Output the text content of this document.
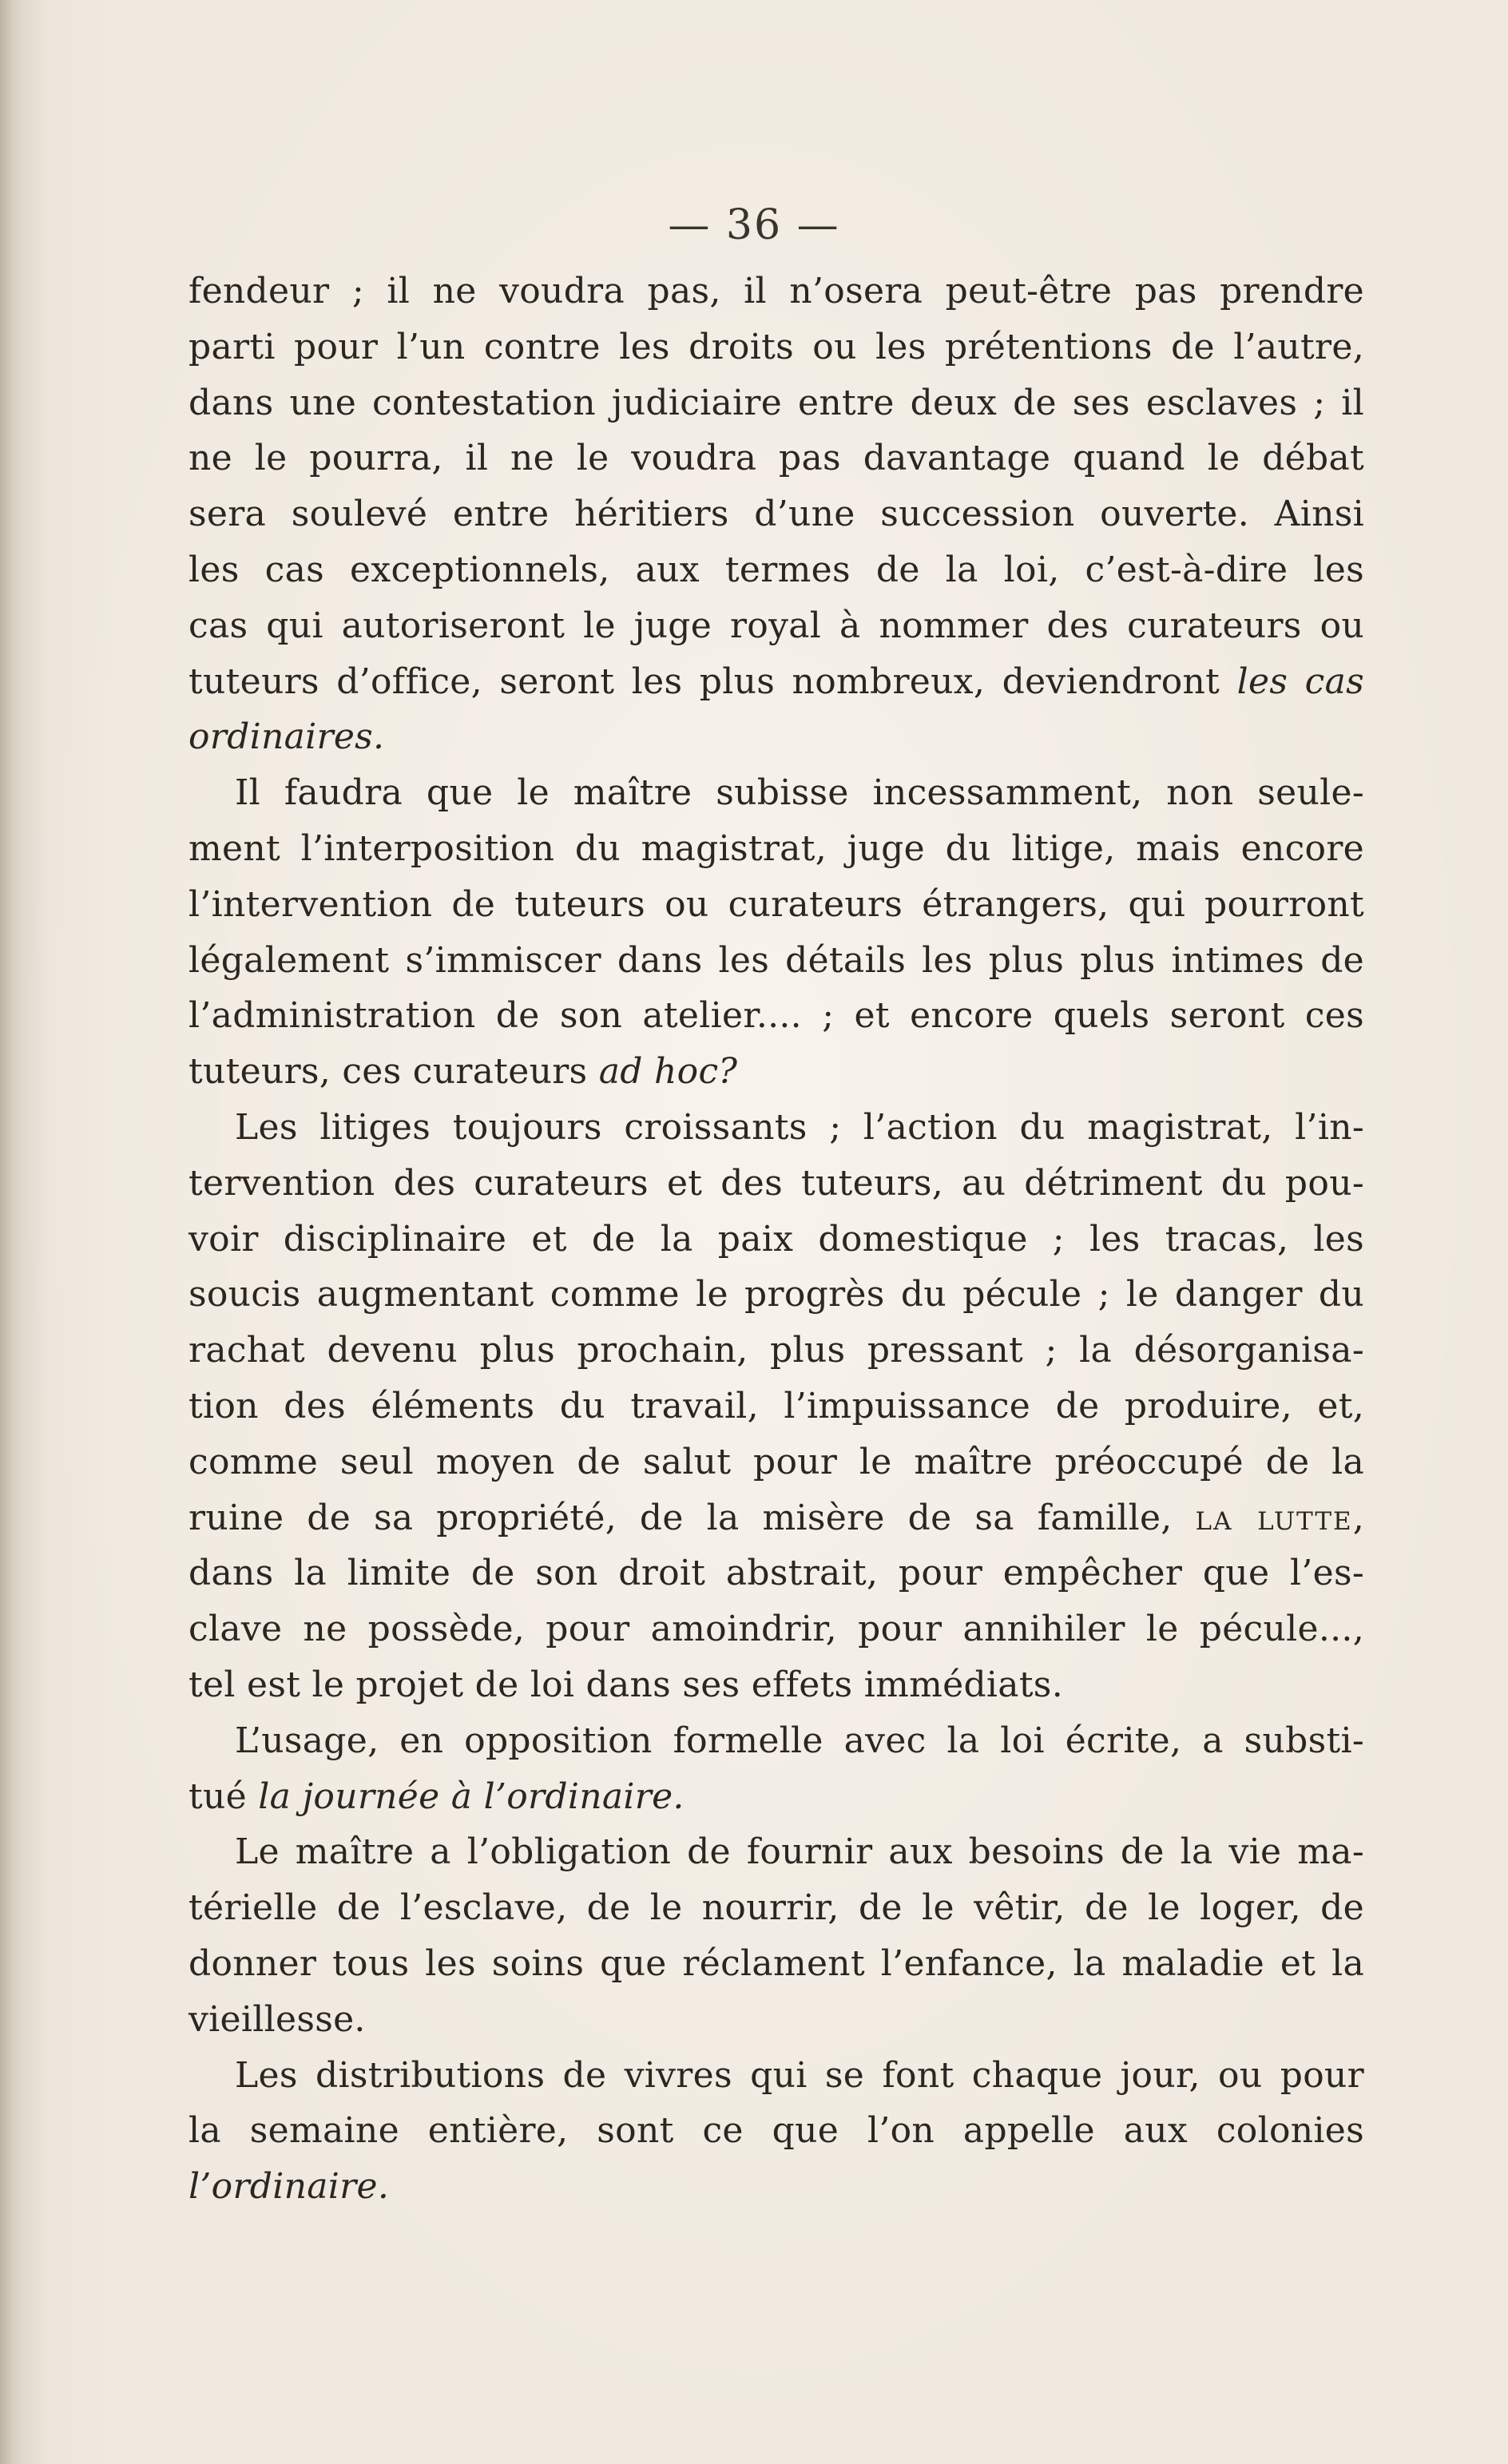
— 36 —
fendeur ; il ne voudra pas, il n’osera peut-être pas prendre
parti pour l’un contre les droits ou les prétentions de l’autre,
dans une contestation judiciaire entre deux de ses esclaves ; il
ne le pourra, il ne le voudra pas davantage quand le débat
sera soulevé entre héritiers d’une succession ouverte. Ainsi
les cas exceptionnels, aux termes de la loi, c’est-à-dire les
cas qui autoriseront le juge royal à nommer des curateurs ou
tuteurs d’office, seront les plus nombreux, deviendront les cas
ordinaires.
Il faudra que le maître subisse incessamment, non seule-
ment l’interposition du magistrat, juge du litige, mais encore
l’intervention de tuteurs ou curateurs étrangers, qui pourront
légalement s’immiscer dans les détails les plus plus intimes de
l’administration de son atelier.... ; et encore quels seront ces
tuteurs, ces curateurs ad hoc?
Les litiges toujours croissants ; l’action du magistrat, l’in-
tervention des curateurs et des tuteurs, au détriment du pou-
voir disciplinaire et de la paix domestique ; les tracas, les
soucis augmentant comme le progrès du pécule ; le danger du
rachat devenu plus prochain, plus pressant ; la désorganisa-
tion des éléments du travail, l’impuissance de produire, et,
comme seul moyen de salut pour le maître préoccupé de la
ruine de sa propriété, de la misère de sa famille, la lutte,
dans la limite de son droit abstrait, pour empêcher que l’es-
clave ne possède, pour amoindrir, pour annihiler le pécule...,
tel est le projet de loi dans ses effets immédiats.
L’usage, en opposition formelle avec la loi écrite, a substi-
tué la journée à l’ordinaire.
Le maître a l’obligation de fournir aux besoins de la vie ma-
térielle de l’esclave, de le nourrir, de le vêtir, de le loger, de
donner tous les soins que réclament l’enfance, la maladie et la
vieillesse.
Les distributions de vivres qui se font chaque jour, ou pour
la semaine entière, sont ce que l’on appelle aux colonies
l’ordinaire.
